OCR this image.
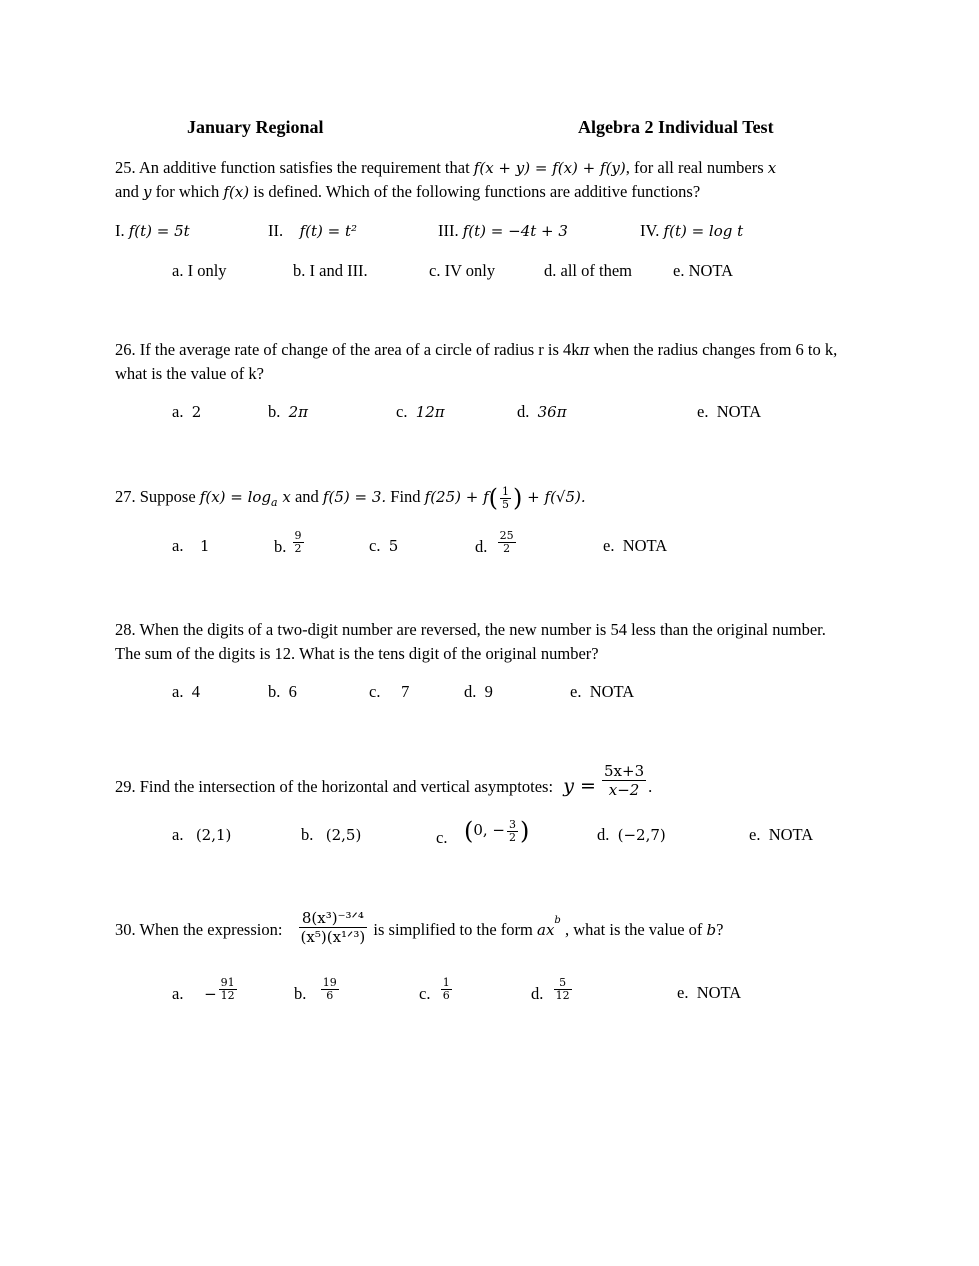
January Regional	Algebra 2 Individual Test
25. An additive function satisfies the requirement that f(x + y) = f(x) + f(y), for all real numbers x
and y for which f(x) is defined. Which of the following functions are additive functions?
I. f(t) = 5t	II. f(t) = t²	III. f(t) = −4t + 3	IV. f(t) = log t
a. I only	b. I and III.	c. IV only	d. all of them e. NOTA
26. If the average rate of change of the area of a circle of radius r is 4kπ when the radius changes from 6 to k, what is the value of k?
a. 2	b. 2π	c. 12π	d. 36π	e. NOTA
27. Suppose $f(x) = \log_a x$ and f(5) = 3. Find $f(25) + f( \frac{1}{5}$ ) + f(√5).
a. 1	b. $\frac{9}{2}$	c. 5	d. $\frac{25}{2}$	e. NOTA
28. When the digits of a two-digit number are reversed, the new number is 54 less than the original number. The sum of the digits is 12. What is the tens digit of the original number?
a. 4	b. 6	c. 7	d. 9	e. NOTA
29. Find the intersection of the horizontal and vertical asymptotes: $y = \frac{5x+3}{x-2}$ .
a. (2,1)	b. (2,5)	c. (0, − $\frac{3}{2}$ )	d. (−2,7)	e. NOTA
30. When the expression: $\frac{\text{8(x³)⁻³ᐟ⁴}}{\text{(x⁵)(x¹ᐟ³)}}$ is simplified to the form $ax^b$ , what is the value of b?
a. − $\frac{91}{12}$	b. $\frac{19}{6}$	c. $\frac{1}{6}$	d. $\frac{5}{12}$	e. NOTA
